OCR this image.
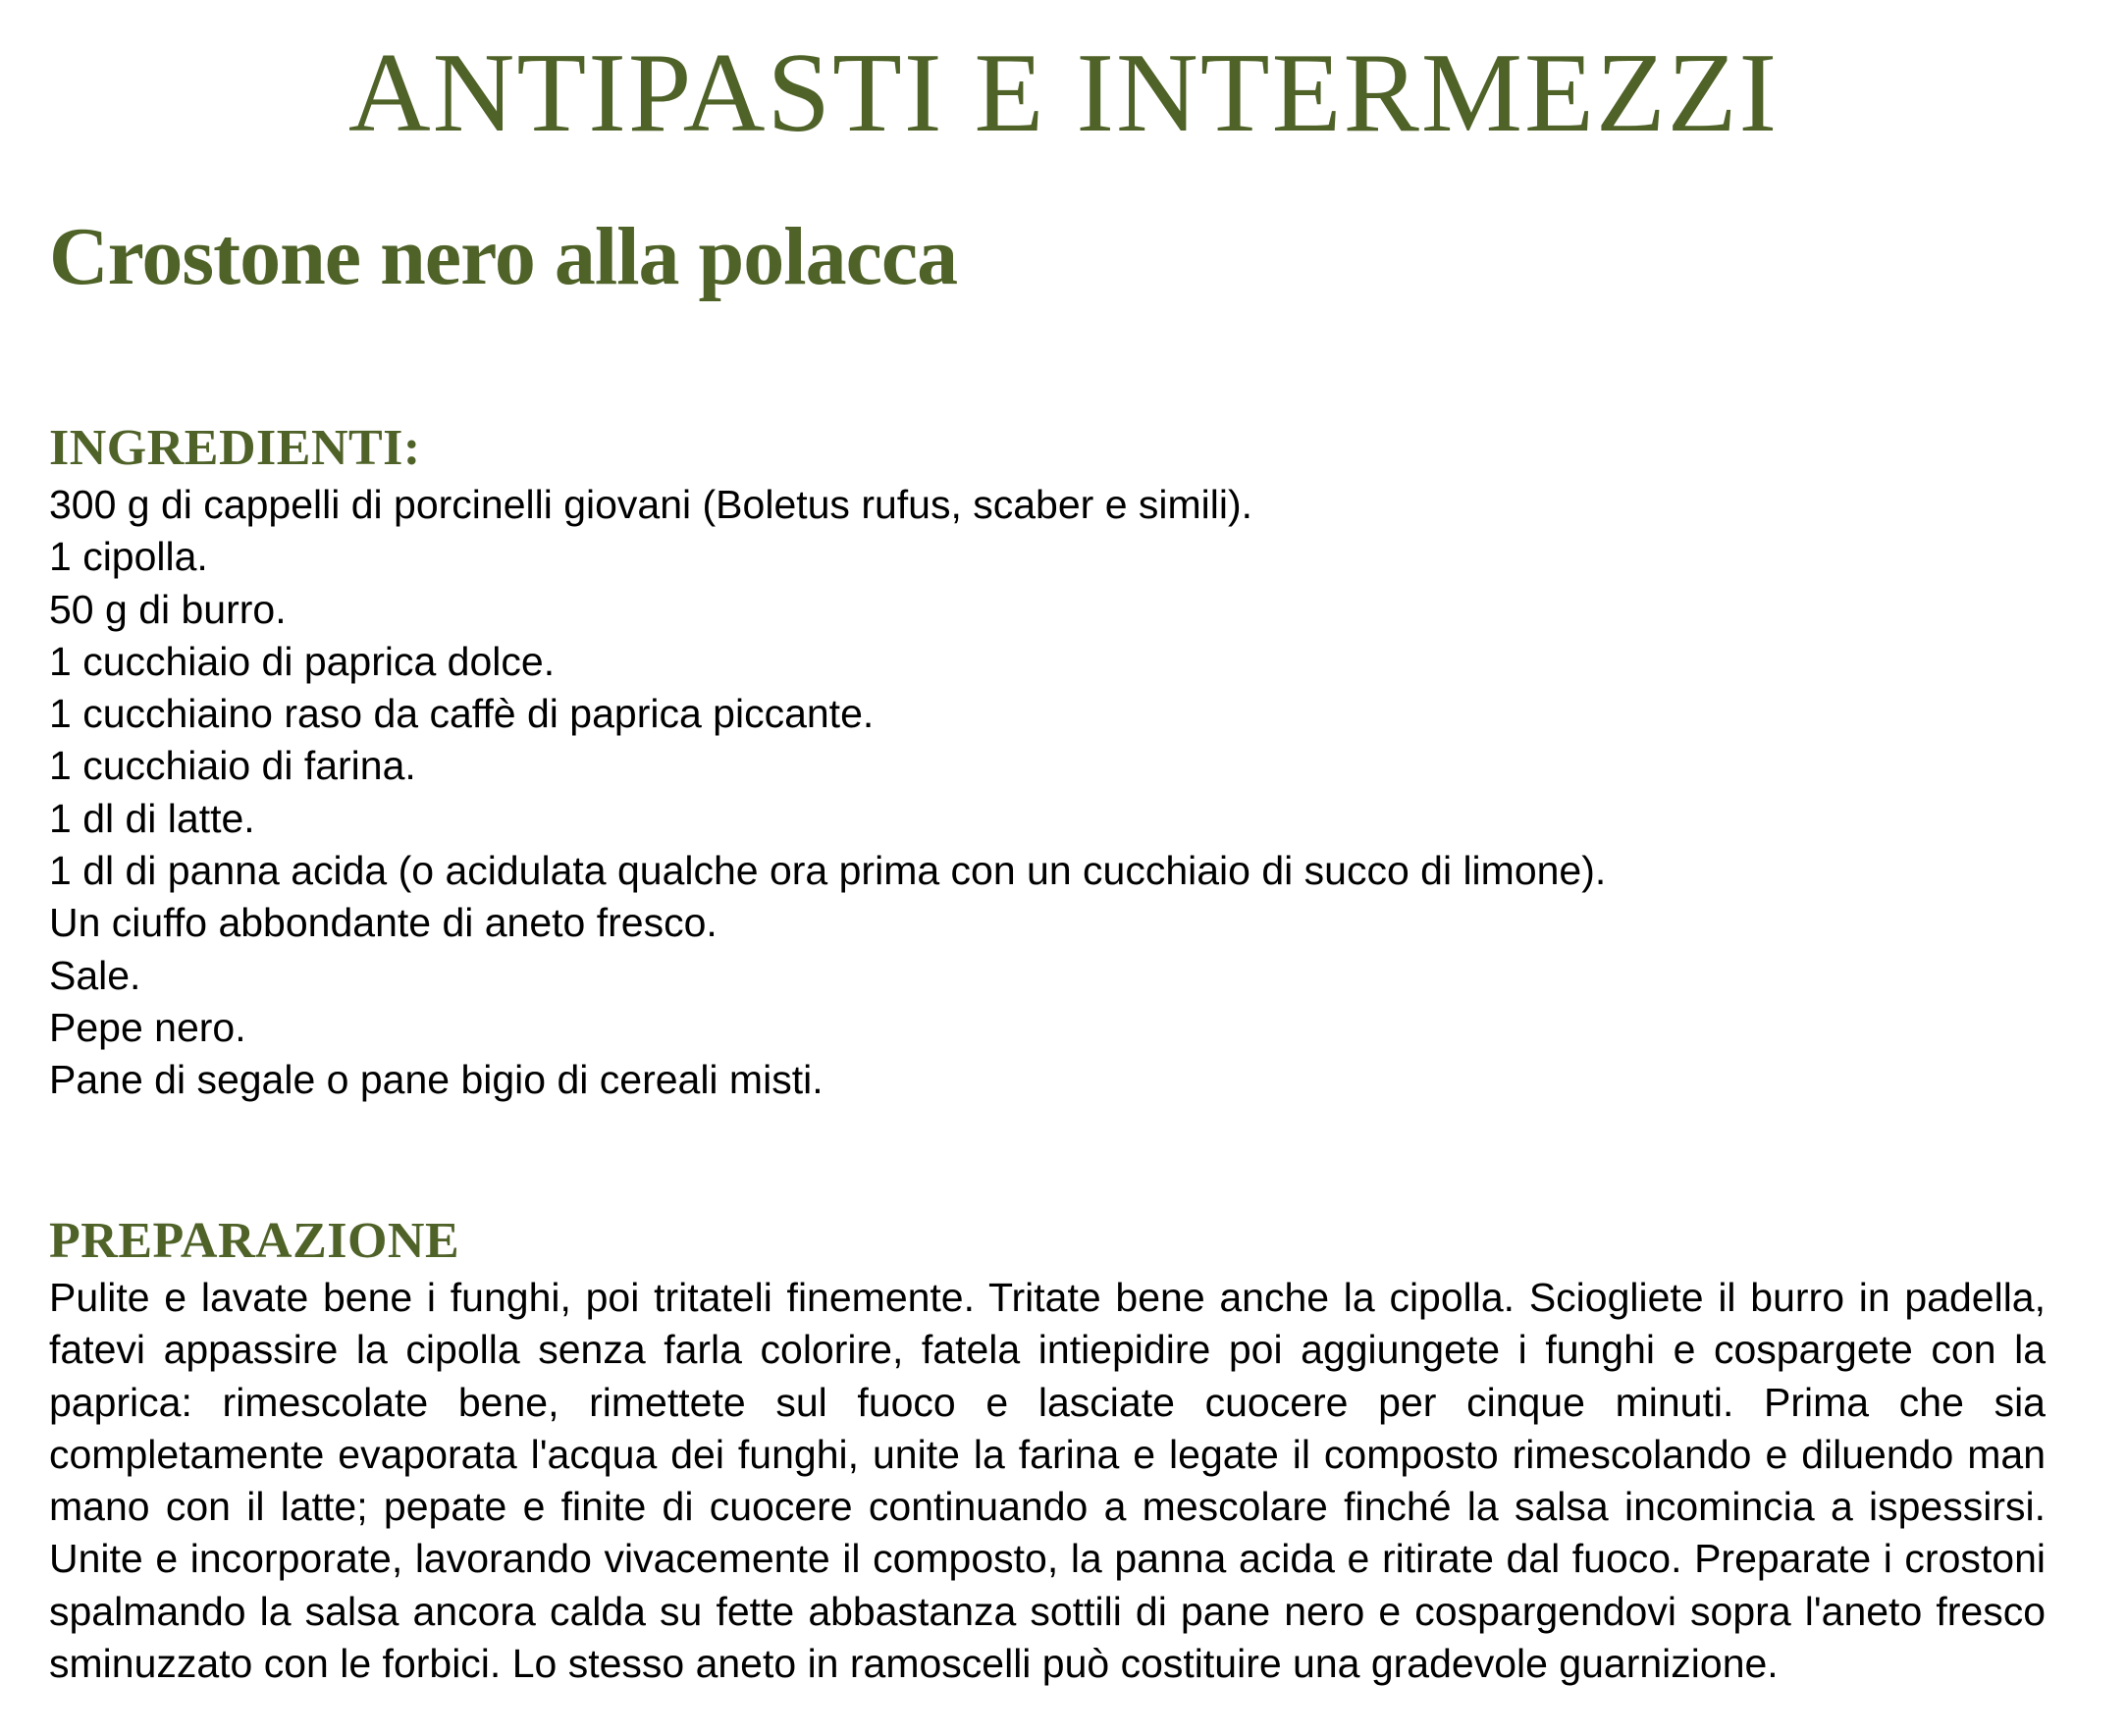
ANTIPASTI E INTERMEZZI
Crostone nero alla polacca
INGREDIENTI:
300 g di cappelli di porcinelli giovani (Boletus rufus, scaber e simili).
1 cipolla.
50 g di burro.
1 cucchiaio di paprica dolce.
1 cucchiaino raso da caffè di paprica piccante.
1 cucchiaio di farina.
1 dl di latte.
1 dl di panna acida (o acidulata qualche ora prima con un cucchiaio di succo di limone).
Un ciuffo abbondante di aneto fresco.
Sale.
Pepe nero.
Pane di segale o pane bigio di cereali misti.
PREPARAZIONE

Pulite e lavate bene i funghi, poi tritateli finemente. Tritate bene anche la cipolla. Sciogliete il burro in padella, fatevi appassire la cipolla senza farla colorire, fatela intiepidire poi aggiungete i funghi e cospargete con la paprica: rimescolate bene, rimettete sul fuoco e lasciate cuocere per cinque minuti. Prima che sia completamente evaporata l'acqua dei funghi, unite la farina e legate il composto rimescolando e diluendo man mano con il latte; pepate e finite di cuocere continuando a mescolare finché la salsa incomincia a ispessirsi. Unite e incorporate, lavorando vivacemente il composto, la panna acida e ritirate dal fuoco. Preparate i crostoni spalmando la salsa ancora calda su fette abbastanza sottili di pane nero e cospargendovi sopra l'aneto fresco sminuzzato con le forbici. Lo stesso aneto in ramoscelli può costituire una gradevole guarnizione.
